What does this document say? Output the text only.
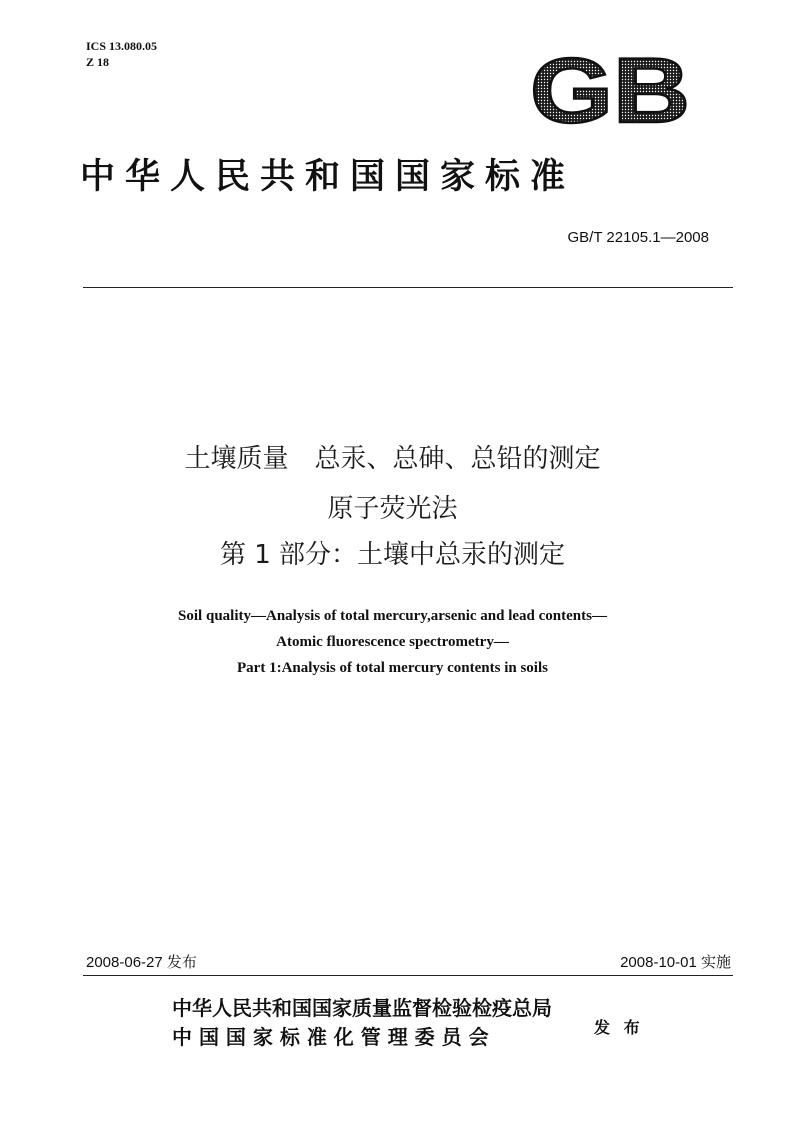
ICS 13.080.05
Z 18	GB
中华人民共和国国家标准
GB/T 22105.1—2008
土壤质量　总汞、总砷、总铅的测定
原子荧光法
第 1 部分：土壤中总汞的测定
Soil quality—Analysis of total mercury,arsenic and lead contents—
Atomic fluorescence spectrometry—
Part 1:Analysis of total mercury contents in soils
2008-06-27 发布	2008-10-01 实施
中华人民共和国国家质量监督检验检疫总局
中 国 国 家 标 准 化 管 理 委 员 会	发 布
